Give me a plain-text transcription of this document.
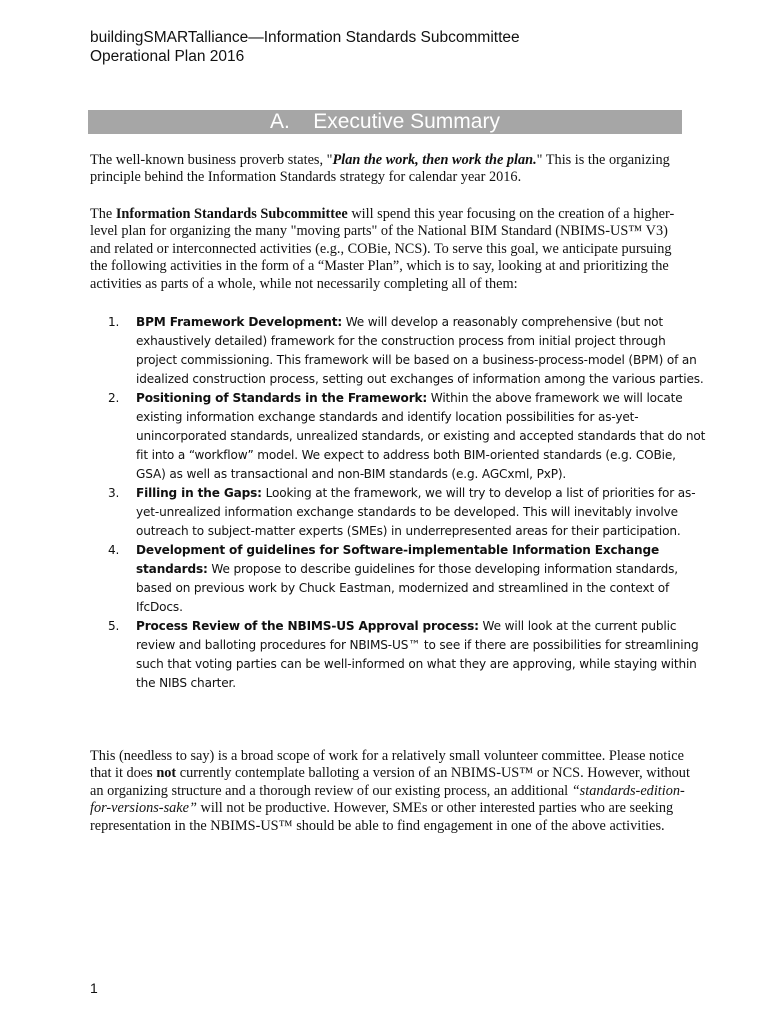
buildingSMARTalliance—Information Standards Subcommittee
Operational Plan 2016
A.    Executive Summary

The well-known business proverb states, "Plan the work, then work the plan." This is the organizing principle behind the Information Standards strategy for calendar year 2016.

The Information Standards Subcommittee will spend this year focusing on the creation of a higher-level plan for organizing the many "moving parts" of the National BIM Standard (NBIMS-US™ V3) and related or interconnected activities (e.g., COBie, NCS). To serve this goal, we anticipate pursuing the following activities in the form of a “Master Plan”, which is to say, looking at and prioritizing the activities as parts of a whole, while not necessarily completing all of them:

1. BPM Framework Development: We will develop a reasonably comprehensive (but not exhaustively detailed) framework for the construction process from initial project through project commissioning. This framework will be based on a business-process-model (BPM) of an idealized construction process, setting out exchanges of information among the various parties.
2. Positioning of Standards in the Framework: Within the above framework we will locate existing information exchange standards and identify location possibilities for as-yet-unincorporated standards, unrealized standards, or existing and accepted standards that do not fit into a “workflow” model. We expect to address both BIM-oriented standards (e.g. COBie, GSA) as well as transactional and non-BIM standards (e.g. AGCxml, PxP).
3. Filling in the Gaps: Looking at the framework, we will try to develop a list of priorities for as-yet-unrealized information exchange standards to be developed. This will inevitably involve outreach to subject-matter experts (SMEs) in underrepresented areas for their participation.
4. Development of guidelines for Software-implementable Information Exchange standards: We propose to describe guidelines for those developing information standards, based on previous work by Chuck Eastman, modernized and streamlined in the context of IfcDocs.
5. Process Review of the NBIMS-US Approval process: We will look at the current public review and balloting procedures for NBIMS-US™ to see if there are possibilities for streamlining such that voting parties can be well-informed on what they are approving, while staying within the NIBS charter.

This (needless to say) is a broad scope of work for a relatively small volunteer committee. Please notice that it does not currently contemplate balloting a version of an NBIMS-US™ or NCS. However, without an organizing structure and a thorough review of our existing process, an additional “standards-edition-for-versions-sake” will not be productive. However, SMEs or other interested parties who are seeking representation in the NBIMS-US™ should be able to find engagement in one of the above activities.

1
